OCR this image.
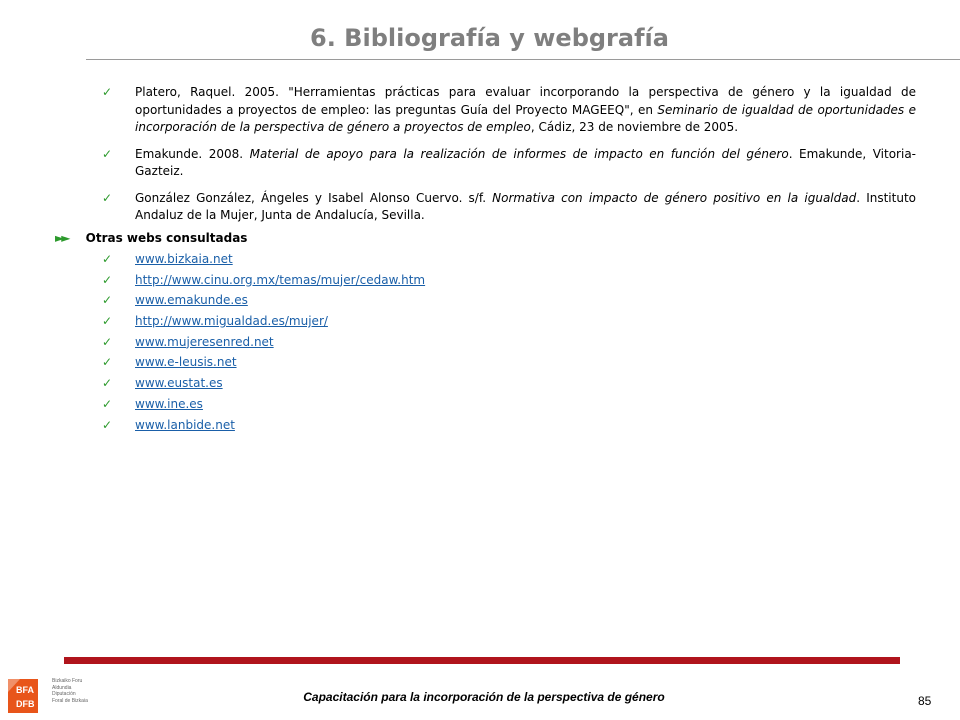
6. Bibliografía y webgrafía
✓ Platero, Raquel. 2005. "Herramientas prácticas para evaluar incorporando la perspectiva de género y la igualdad de oportunidades a proyectos de empleo: las preguntas Guía del Proyecto MAGEEQ", en Seminario de igualdad de oportunidades e incorporación de la perspectiva de género a proyectos de empleo, Cádiz, 23 de noviembre de 2005.
✓ Emakunde. 2008. Material de apoyo para la realización de informes de impacto en función del género. Emakunde, Vitoria-Gazteiz.
✓ González González, Ángeles y Isabel Alonso Cuervo. s/f. Normativa con impacto de género positivo en la igualdad. Instituto Andaluz de la Mujer, Junta de Andalucía, Sevilla.
►► Otras webs consultadas
✓ www.bizkaia.net
✓ http://www.cinu.org.mx/temas/mujer/cedaw.htm
✓ www.emakunde.es
✓ http://www.migualdad.es/mujer/
✓ www.mujeresenred.net
✓ www.e-leusis.net
✓ www.eustat.es
✓ www.ine.es
✓ www.lanbide.net
Capacitación para la incorporación de la perspectiva de género	85
BFA
DFB
Bizkaiko Foru
Aldundia
Diputación
Foral de Bizkaia
